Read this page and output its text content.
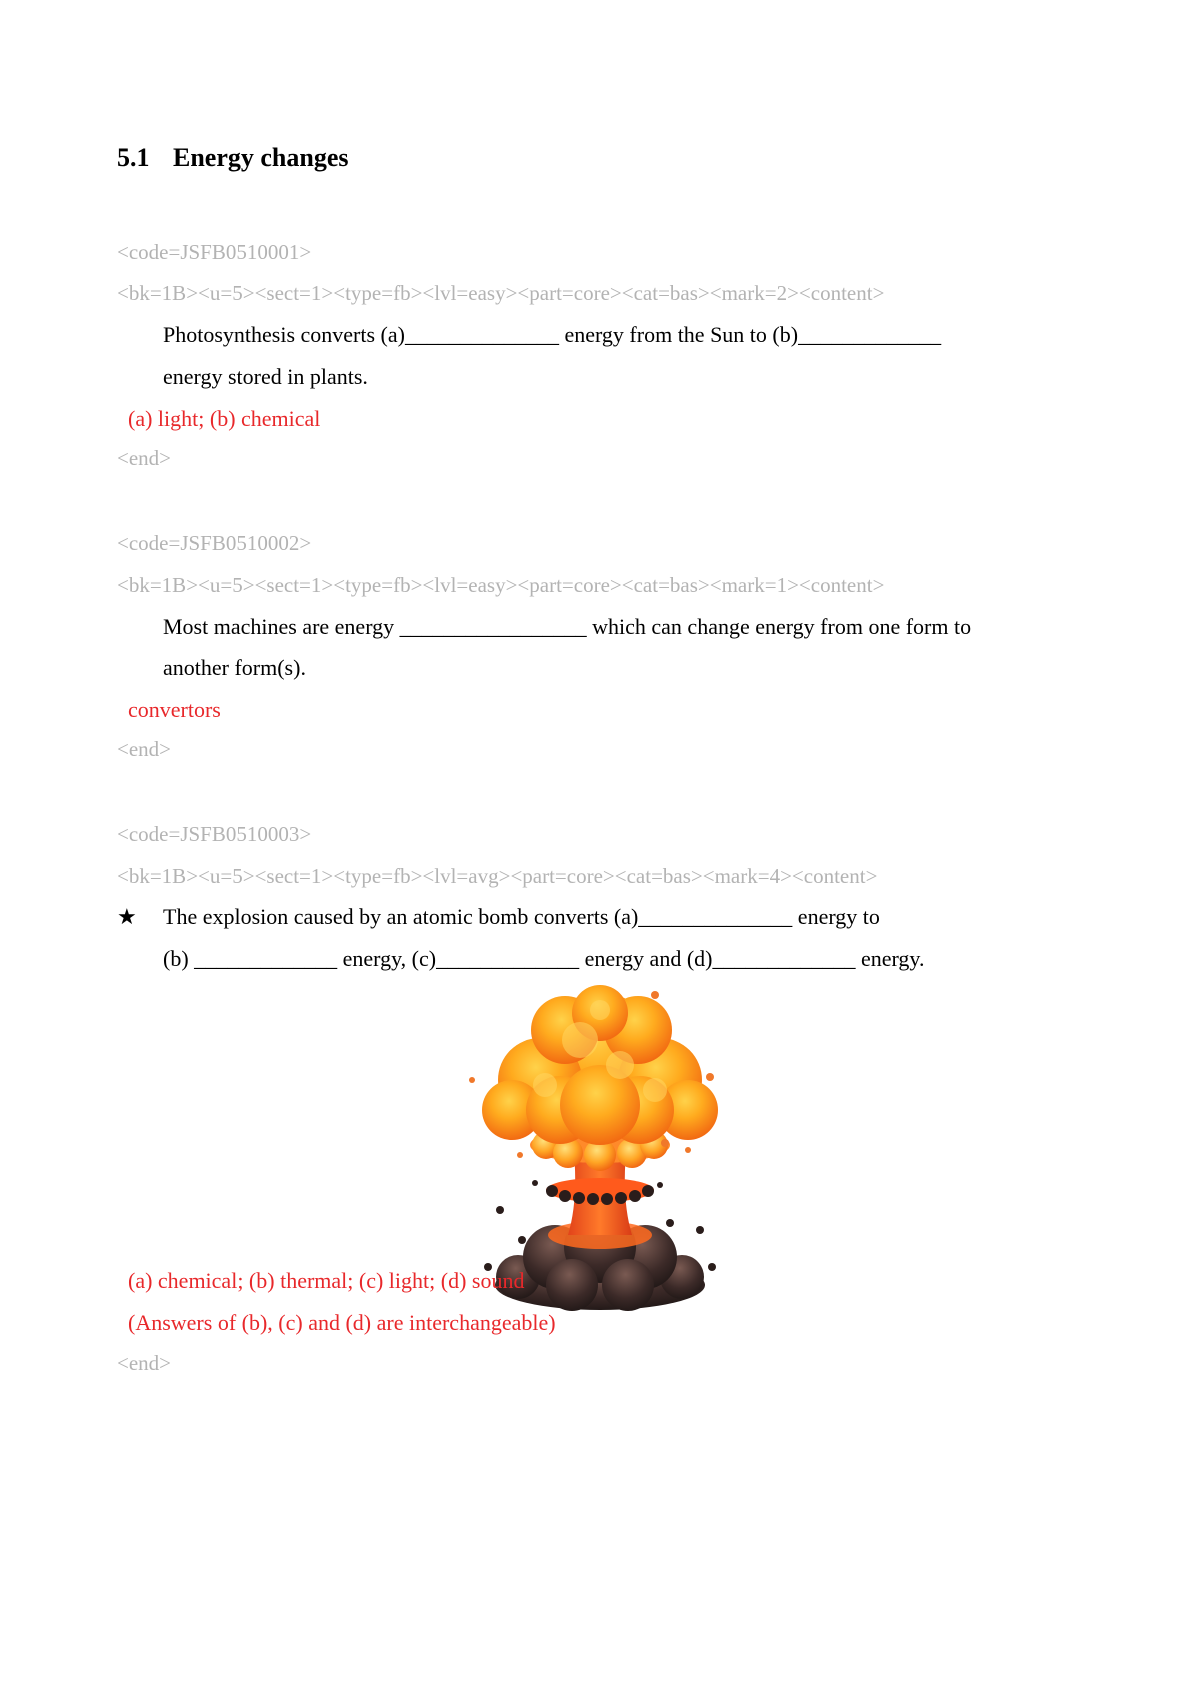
5.1 Energy changes
<code=JSFB0510001>
<bk=1B><u=5><sect=1><type=fb><lvl=easy><part=core><cat=bas><mark=2><content>
Photosynthesis converts (a)______________ energy from the Sun to (b)_____________
energy stored in plants.
(a) light; (b) chemical
<end>
<code=JSFB0510002>
<bk=1B><u=5><sect=1><type=fb><lvl=easy><part=core><cat=bas><mark=1><content>
Most machines are energy _________________ which can change energy from one form to
another form(s).
convertors
<end>
<code=JSFB0510003>
<bk=1B><u=5><sect=1><type=fb><lvl=avg><part=core><cat=bas><mark=4><content>
★ The explosion caused by an atomic bomb converts (a)______________ energy to
(b) _____________ energy, (c)_____________ energy and (d)_____________ energy.
(a) chemical; (b) thermal; (c) light; (d) sound
(Answers of (b), (c) and (d) are interchangeable)
<end>
